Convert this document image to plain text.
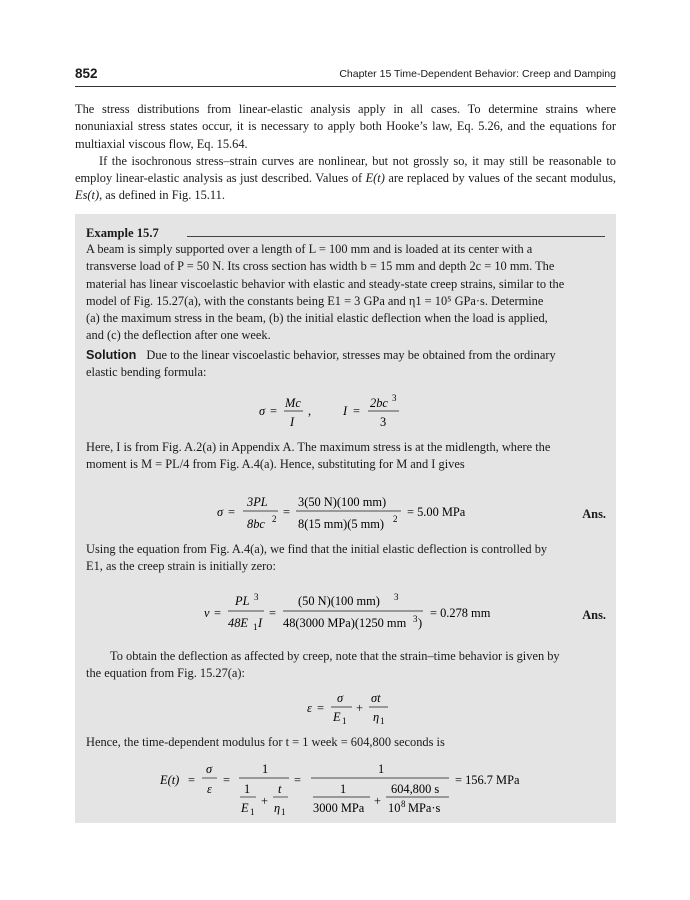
852	Chapter 15 Time-Dependent Behavior: Creep and Damping

The stress distributions from linear-elastic analysis apply in all cases. To determine strains where nonuniaxial stress states occur, it is necessary to apply both Hooke’s law, Eq. 5.26, and the equations for multiaxial viscous flow, Eq. 15.64.

If the isochronous stress–strain curves are nonlinear, but not grossly so, it may still be reasonable to employ linear-elastic analysis as just described. Values of E(t) are replaced by values of the secant modulus, Es(t), as defined in Fig. 15.11.

Example 15.7
A beam is simply supported over a length of L = 100 mm and is loaded at its center with a
transverse load of P = 50 N. Its cross section has width b = 15 mm and depth 2c = 10 mm. The
material has linear viscoelastic behavior with elastic and steady-state creep strains, similar to the
model of Fig. 15.27(a), with the constants being E1 = 3 GPa and η1 = 10⁵ GPa·s. Determine
(a) the maximum stress in the beam, (b) the initial elastic deflection when the load is applied,
and (c) the deflection after one week.
Solution Due to the linear viscoelastic behavior, stresses may be obtained from the ordinary
elastic bending formula:
σ =
Mc
I
,	I =
2bc 3
3
Here, I is from Fig. A.2(a) in Appendix A. The maximum stress is at the midlength, where the
moment is M = PL/4 from Fig. A.4(a). Hence, substituting for M and I gives
σ =
3PL
8bc 2 =
3(50 N)(100 mm)
8(15 mm)(5 mm) 2 = 5.00 MPa	Ans.
Using the equation from Fig. A.4(a), we find that the initial elastic deflection is controlled by
E1, as the creep strain is initially zero:
v =
PL 3
48E 1 I
=
(50 N)(100 mm) 3
48(3000 MPa)(1250 mm 3 )
= 0.278 mm	Ans.
To obtain the deflection as affected by creep, note that the strain–time behavior is given by
the equation from Fig. 15.27(a):
ε =
σ
E 1
+
σt
η 1
Hence, the time-dependent modulus for t = 1 week = 604,800 seconds is
E(t) =
σ
ε
=
1
1
E 1
+
t
η 1
=
1
1
3000 MPa +
604,800 s
10 8 MPa·s
= 156.7 MPa
